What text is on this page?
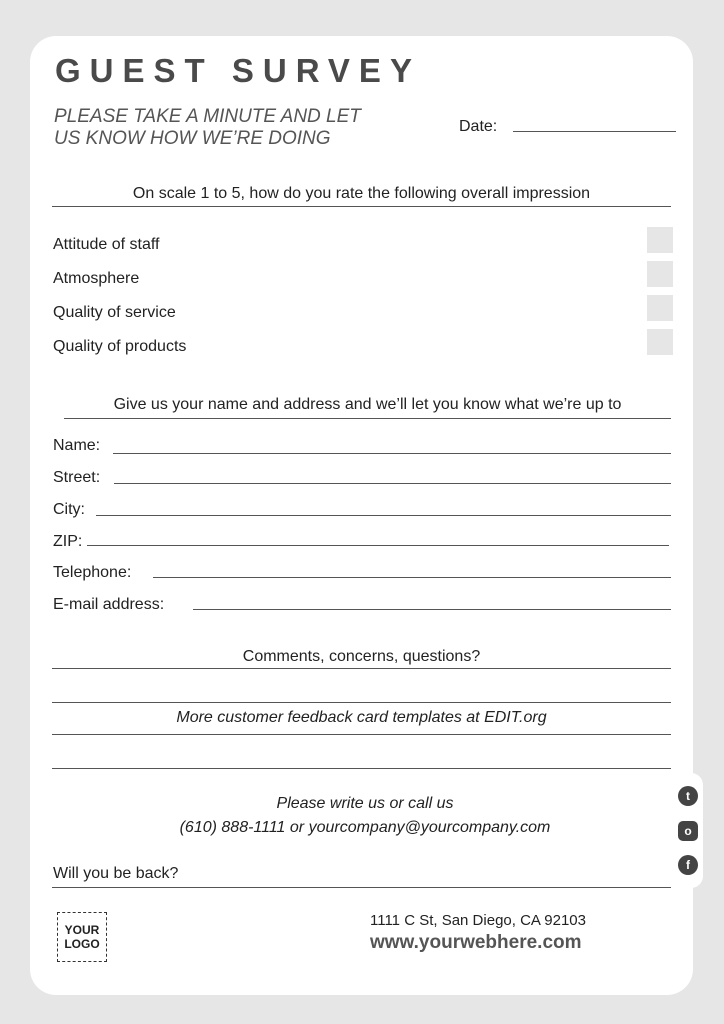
GUEST SURVEY
PLEASE TAKE A MINUTE AND LET
US KNOW HOW WE’RE DOING
Date:
On scale 1 to 5, how do you rate the following overall impression
Attitude of staff
Atmosphere
Quality of service
Quality of products
Give us your name and address and we’ll let you know what we’re up to
Name:
Street:
City:
ZIP:
Telephone:
E-mail address:
Comments, concerns, questions?
More customer feedback card templates at EDIT.org
Please write us or call us
(610) 888-1111 or yourcompany@yourcompany.com
Will you be back?
t
o
f
YOUR
LOGO
1111 C St, San Diego, CA 92103
www.yourwebhere.com
